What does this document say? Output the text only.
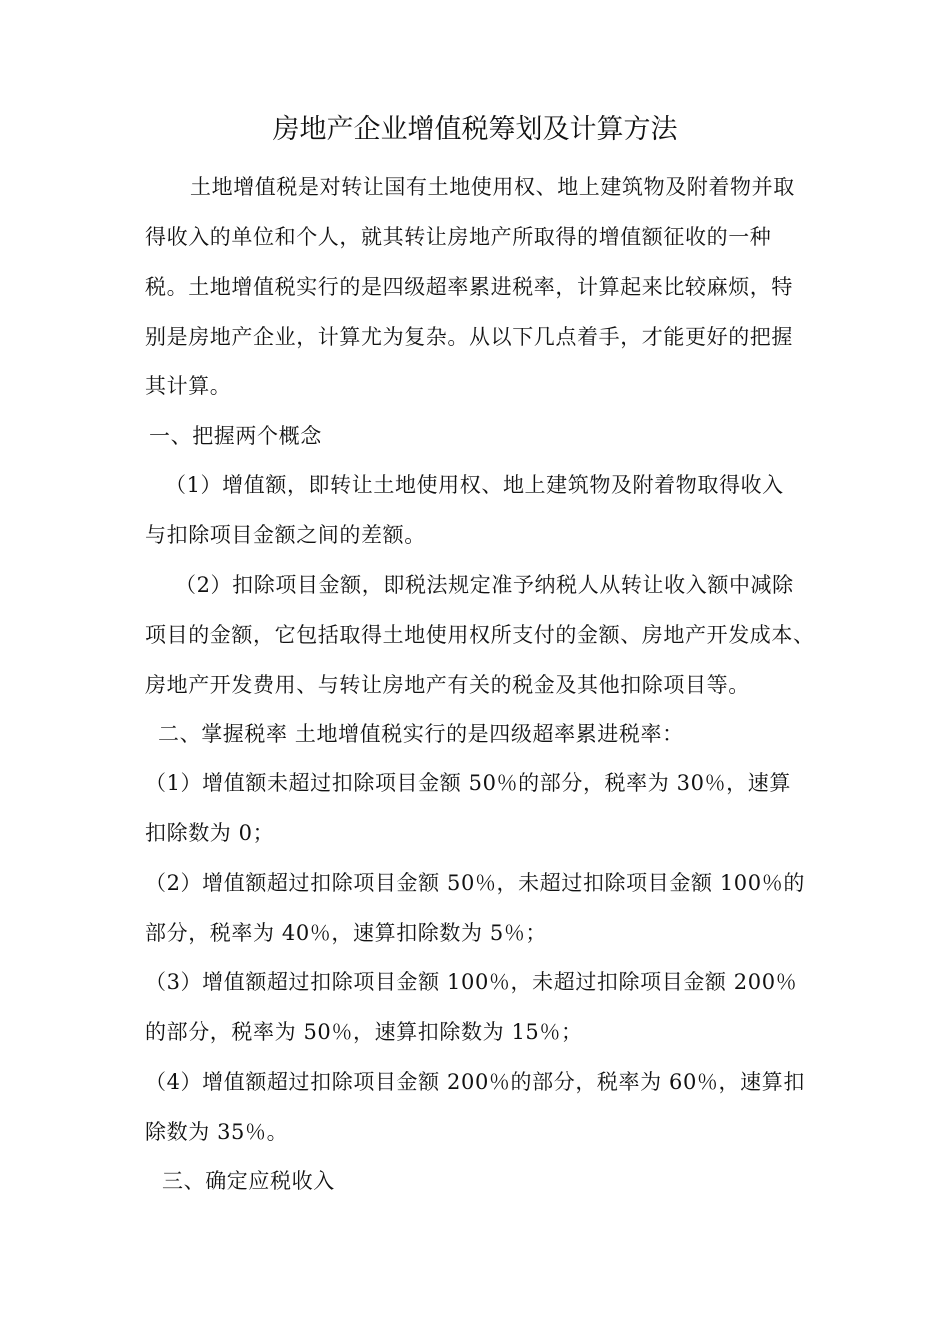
房地产企业增值税筹划及计算方法
土地增值税是对转让国有土地使用权、地上建筑物及附着物并取
得收入的单位和个人，就其转让房地产所取得的增值额征收的一种
税。土地增值税实行的是四级超率累进税率，计算起来比较麻烦，特
别是房地产企业，计算尤为复杂。从以下几点着手，才能更好的把握
其计算。
一、把握两个概念
（1）增值额，即转让土地使用权、地上建筑物及附着物取得收入
与扣除项目金额之间的差额。
（2）扣除项目金额，即税法规定准予纳税人从转让收入额中减除
项目的金额，它包括取得土地使用权所支付的金额、房地产开发成本、
房地产开发费用、与转让房地产有关的税金及其他扣除项目等。
二、掌握税率 土地增值税实行的是四级超率累进税率：
（1）增值额未超过扣除项目金额 50％的部分，税率为 30％，速算
扣除数为 0；
（2）增值额超过扣除项目金额 50％，未超过扣除项目金额 100％的
部分，税率为 40％，速算扣除数为 5％；
（3）增值额超过扣除项目金额 100％，未超过扣除项目金额 200％
的部分，税率为 50％，速算扣除数为 15％；
（4）增值额超过扣除项目金额 200％的部分，税率为 60％，速算扣
除数为 35％。
三、确定应税收入
